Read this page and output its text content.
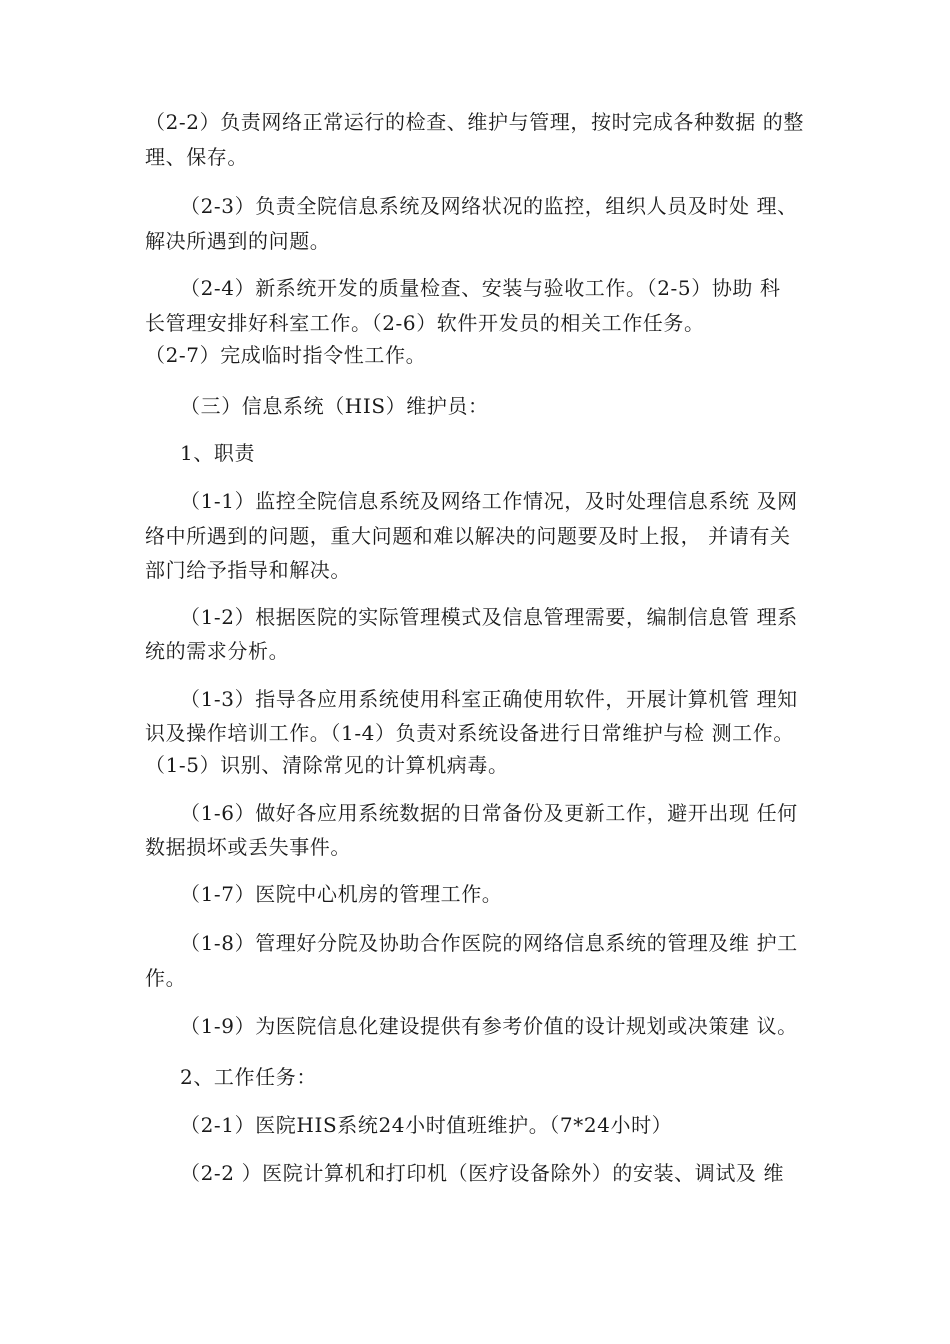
（2-2）负责网络正常运行的检查、维护与管理，按时完成各种数据 的整
理、保存。
（2-3）负责全院信息系统及网络状况的监控，组织人员及时处 理、
解决所遇到的问题。
（2-4）新系统开发的质量检查、安装与验收工作。（2-5）协助 科
长管理安排好科室工作。（2-6）软件开发员的相关工作任务。
（2-7）完成临时指令性工作。
（三）信息系统（HIS）维护员：
1、职责
（1-1）监控全院信息系统及网络工作情况，及时处理信息系统 及网
络中所遇到的问题，重大问题和难以解决的问题要及时上报， 并请有关
部门给予指导和解决。
（1-2）根据医院的实际管理模式及信息管理需要，编制信息管 理系
统的需求分析。
（1-3）指导各应用系统使用科室正确使用软件，开展计算机管 理知
识及操作培训工作。（1-4）负责对系统设备进行日常维护与检 测工作。
（1-5）识别、清除常见的计算机病毒。
（1-6）做好各应用系统数据的日常备份及更新工作，避开出现 任何
数据损坏或丢失事件。
（1-7）医院中心机房的管理工作。
（1-8）管理好分院及协助合作医院的网络信息系统的管理及维 护工
作。
（1-9）为医院信息化建设提供有参考价值的设计规划或决策建 议。
2、工作任务：
（2-1）医院HIS系统24小时值班维护。（7*24小时）
（2-2 ）医院计算机和打印机（医疗设备除外）的安装、调试及 维
